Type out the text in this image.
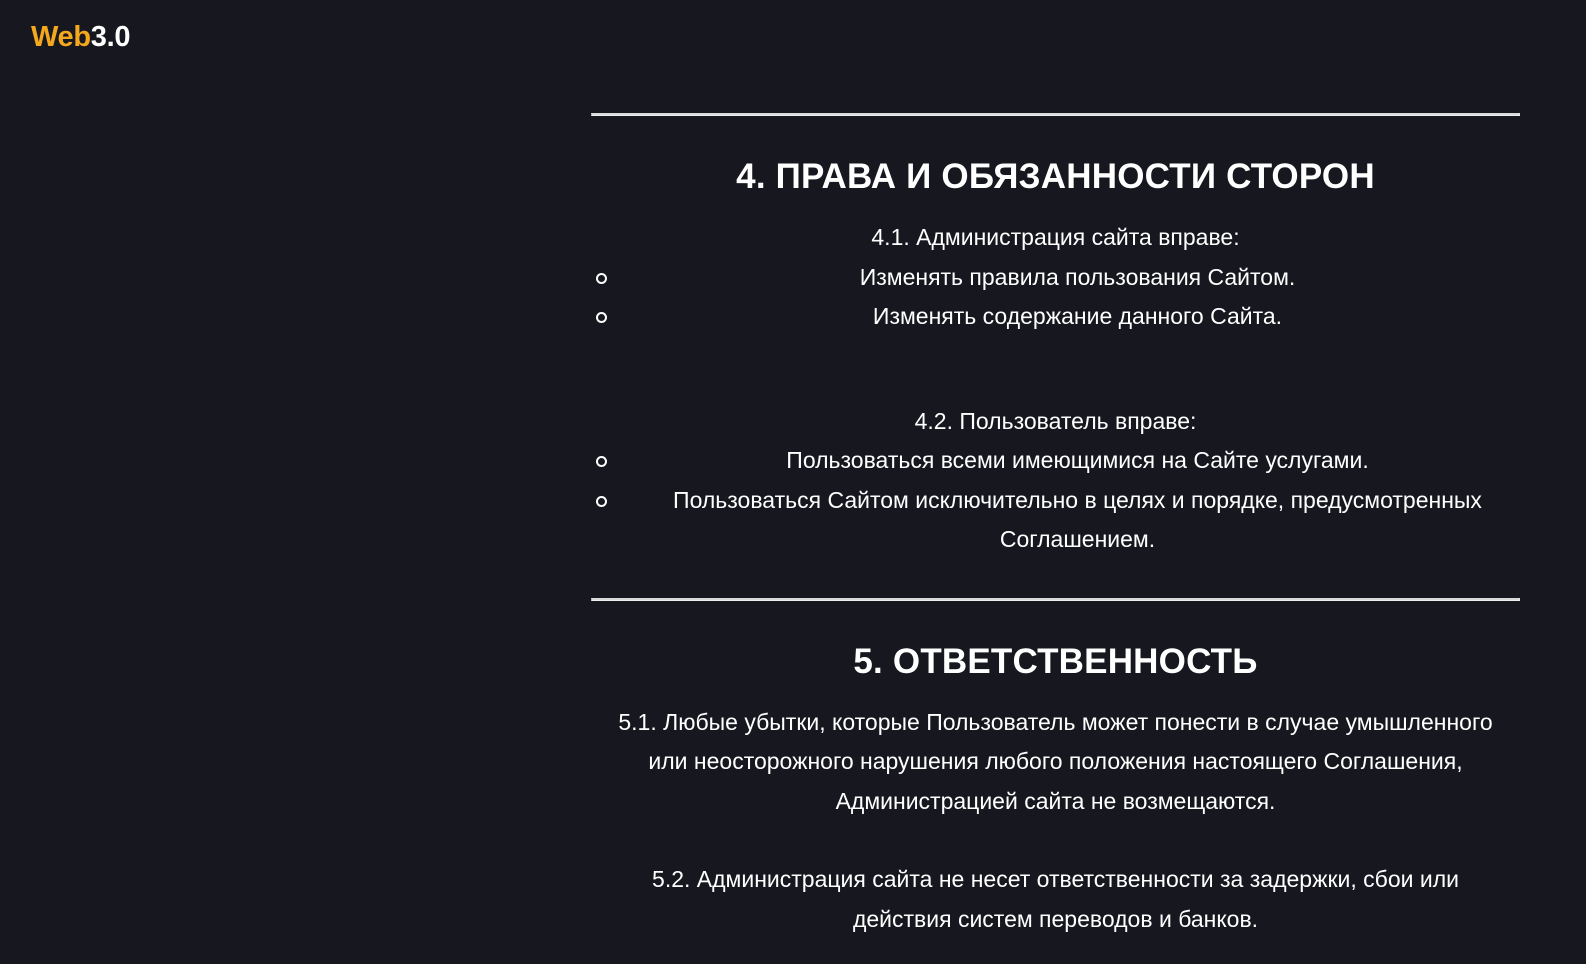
Web3.0
4. ПРАВА И ОБЯЗАННОСТИ СТОРОН

4.1. Администрация сайта вправе:

Изменять правила пользования Сайтом.
Изменять содержание данного Сайта.

4.2. Пользователь вправе:

Пользоваться всеми имеющимися на Сайте услугами.
Пользоваться Сайтом исключительно в целях и порядке, предусмотренных Соглашением.
5. ОТВЕТСТВЕННОСТЬ

5.1. Любые убытки, которые Пользователь может понести в случае умышленного или неосторожного нарушения любого положения настоящего Соглашения, Администрацией сайта не возмещаются.

5.2. Администрация сайта не несет ответственности за задержки, сбои или действия систем переводов и банков.
